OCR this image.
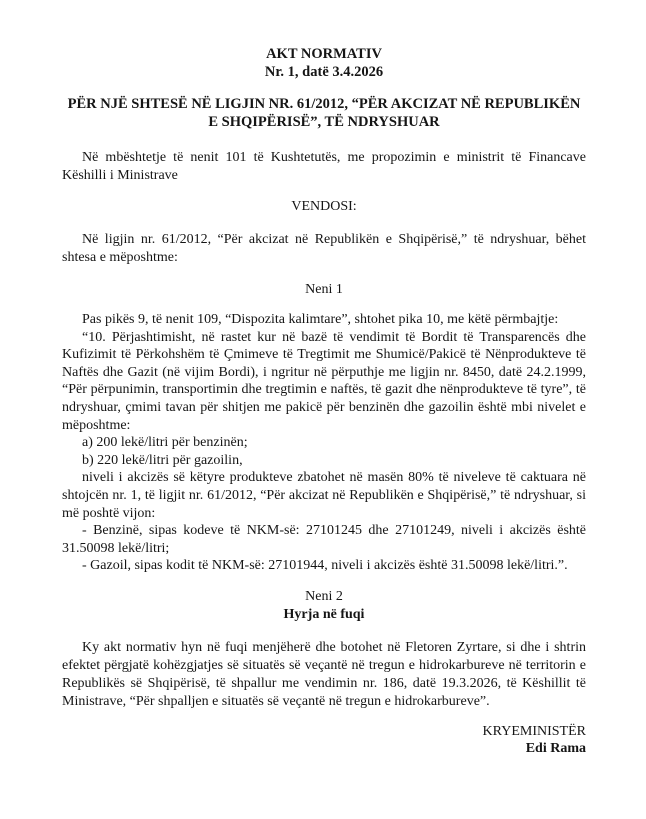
AKT NORMATIV
Nr. 1, datë 3.4.2026
PËR NJË SHTESË NË LIGJIN NR. 61/2012, “PËR AKCIZAT NË REPUBLIKËN E SHQIPËRISË”, TË NDRYSHUAR

Në mbështetje të nenit 101 të Kushtetutës, me propozimin e ministrit të Financave Këshilli i Ministrave

VENDOSI:

Në ligjin nr. 61/2012, “Për akcizat në Republikën e Shqipërisë,” të ndryshuar, bëhet shtesa e mëposhtme:

Neni 1

Pas pikës 9, të nenit 109, “Dispozita kalimtare”, shtohet pika 10, me këtë përmbajtje:

“10. Përjashtimisht, në rastet kur në bazë të vendimit të Bordit të Transparencës dhe Kufizimit të Përkohshëm të Çmimeve të Tregtimit me Shumicë/Pakicë të Nënprodukteve të Naftës dhe Gazit (në vijim Bordi), i ngritur në përputhje me ligjin nr. 8450, datë 24.2.1999, “Për përpunimin, transportimin dhe tregtimin e naftës, të gazit dhe nënprodukteve të tyre”, të ndryshuar, çmimi tavan për shitjen me pakicë për benzinën dhe gazoilin është mbi nivelet e mëposhtme:

a) 200 lekë/litri për benzinën;

b) 220 lekë/litri për gazoilin,

niveli i akcizës së këtyre produkteve zbatohet në masën 80% të niveleve të caktuara në shtojcën nr. 1, të ligjit nr. 61/2012, “Për akcizat në Republikën e Shqipërisë,” të ndryshuar, si më poshtë vijon:

- Benzinë, sipas kodeve të NKM-së: 27101245 dhe 27101249, niveli i akcizës është 31.50098 lekë/litri;

- Gazoil, sipas kodit të NKM-së: 27101944, niveli i akcizës është 31.50098 lekë/litri.”.

Neni 2
Hyrja në fuqi

Ky akt normativ hyn në fuqi menjëherë dhe botohet në Fletoren Zyrtare, si dhe i shtrin efektet përgjatë kohëzgjatjes së situatës së veçantë në tregun e hidrokarbureve në territorin e Republikës së Shqipërisë, të shpallur me vendimin nr. 186, datë 19.3.2026, të Këshillit të Ministrave, “Për shpalljen e situatës së veçantë në tregun e hidrokarbureve”.

KRYEMINISTËR
Edi Rama
